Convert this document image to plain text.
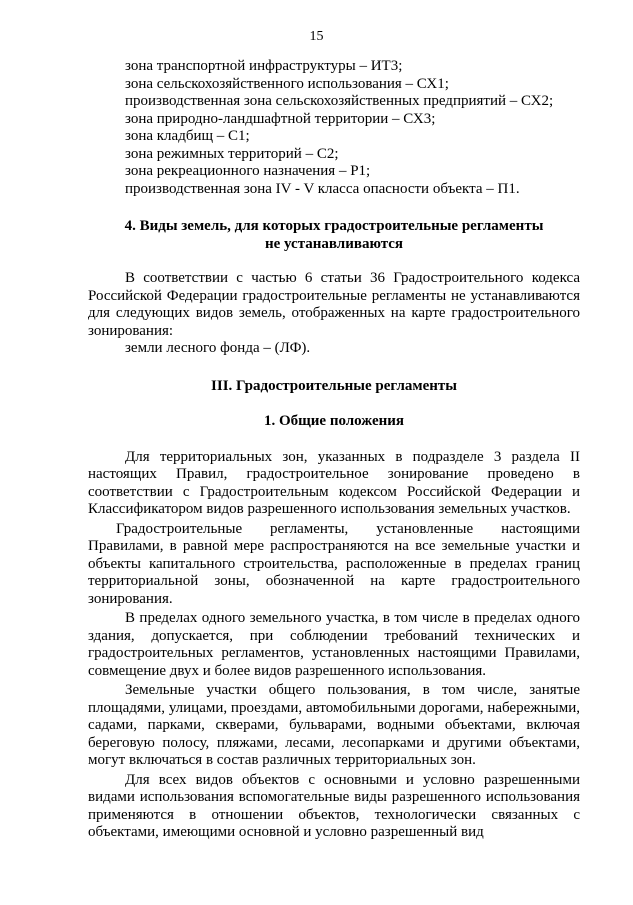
15
зона транспортной инфраструктуры – ИТ3;
зона сельскохозяйственного использования – СХ1;
производственная зона сельскохозяйственных предприятий – СХ2;
зона природно-ландшафтной территории – СХ3;
зона кладбищ – С1;
зона режимных территорий – С2;
зона рекреационного назначения – Р1;
производственная зона IV - V класса опасности объекта – П1.
4. Виды земель, для которых градостроительные регламенты
не устанавливаются

В соответствии с частью 6 статьи 36 Градостроительного кодекса Российской Федерации градостроительные регламенты не устанавливаются для следующих видов земель, отображенных на карте градостроительного зонирования:

земли лесного фонда – (ЛФ).

III. Градостроительные регламенты
1. Общие положения

Для территориальных зон, указанных в подразделе 3 раздела II настоящих Правил, градостроительное зонирование проведено в соответствии с Градостроительным кодексом Российской Федерации и Классификатором видов разрешенного использования земельных участков.

Градостроительные регламенты, установленные настоящими Правилами, в равной мере распространяются на все земельные участки и объекты капитального строительства, расположенные в пределах границ территориальной зоны, обозначенной на карте градостроительного зонирования.

В пределах одного земельного участка, в том числе в пределах одного здания, допускается, при соблюдении требований технических и градостроительных регламентов, установленных настоящими Правилами, совмещение двух и более видов разрешенного использования.

Земельные участки общего пользования, в том числе, занятые площадями, улицами, проездами, автомобильными дорогами, набережными, садами, парками, скверами, бульварами, водными объектами, включая береговую полосу, пляжами, лесами, лесопарками и другими объектами, могут включаться в состав различных территориальных зон.

Для всех видов объектов с основными и условно разрешенными видами использования вспомогательные виды разрешенного использования применяются в отношении объектов, технологически связанных с объектами, имеющими основной и условно разрешенный вид
